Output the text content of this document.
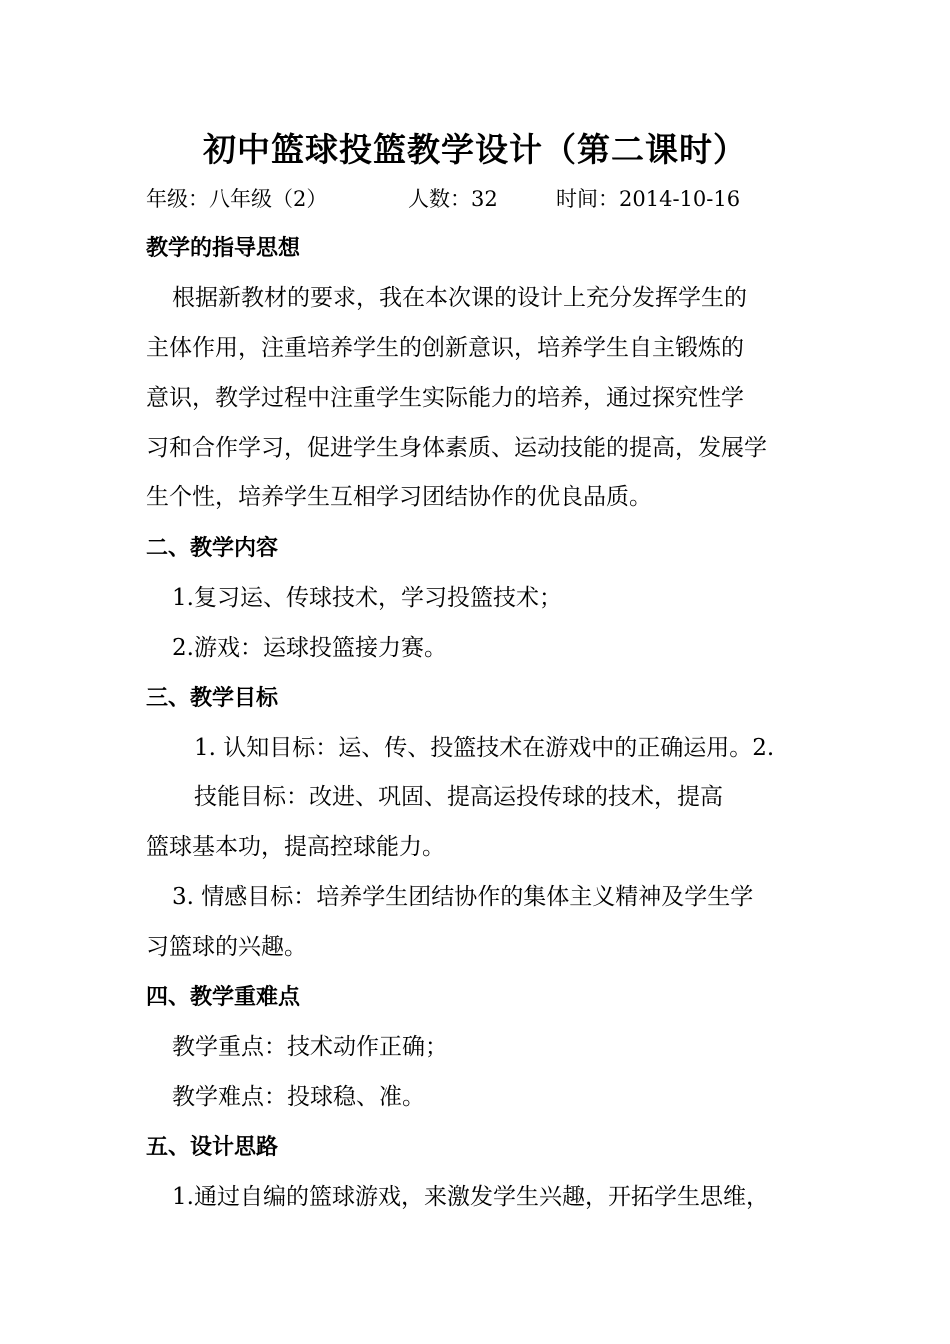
初中篮球投篮教学设计（第二课时）
年级：八年级（2）	人数：32	时间：2014-10-16
教学的指导思想
根据新教材的要求，我在本次课的设计上充分发挥学生的
主体作用，注重培养学生的创新意识，培养学生自主锻炼的
意识，教学过程中注重学生实际能力的培养，通过探究性学
习和合作学习，促进学生身体素质、运动技能的提高，发展学
生个性，培养学生互相学习团结协作的优良品质。
二、教学内容
1.复习运、传球技术，学习投篮技术；
2.游戏：运球投篮接力赛。
三、教学目标
1. 认知目标：运、传、投篮技术在游戏中的正确运用。2.
技能目标：改进、巩固、提高运投传球的技术，提高
篮球基本功，提高控球能力。
3. 情感目标：培养学生团结协作的集体主义精神及学生学
习篮球的兴趣。
四、教学重难点
教学重点：技术动作正确；
教学难点：投球稳、准。
五、设计思路
1.通过自编的篮球游戏，来激发学生兴趣，开拓学生思维，
